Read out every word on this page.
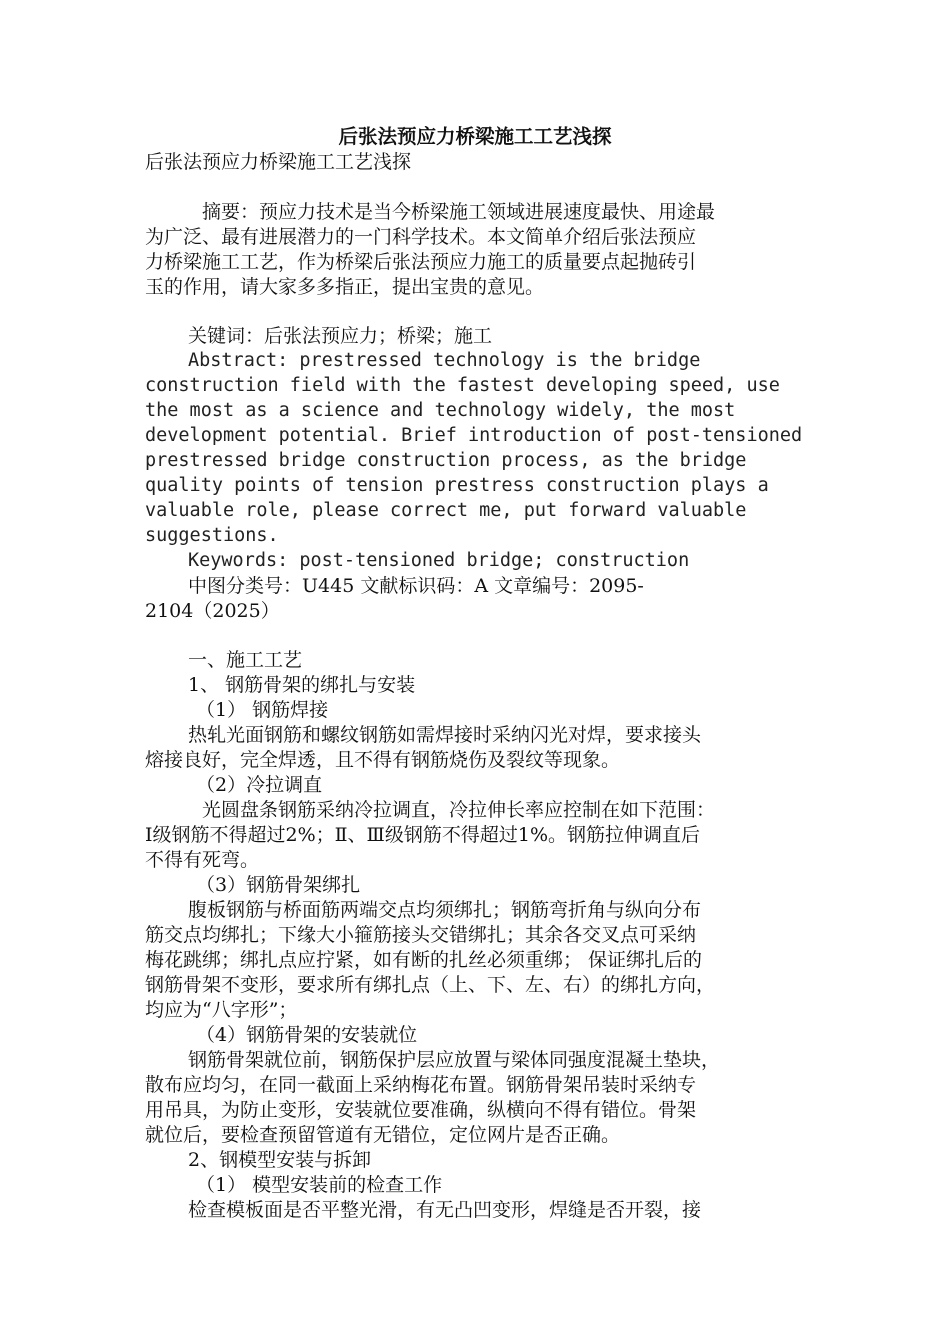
后张法预应力桥梁施工工艺浅探

后张法预应力桥梁施工工艺浅探

摘要：预应力技术是当今桥梁施工领域进展速度最快、用途最

为广泛、最有进展潜力的一门科学技术。本文简单介绍后张法预应

力桥梁施工工艺，作为桥梁后张法预应力施工的质量要点起抛砖引

玉的作用，请大家多多指正，提出宝贵的意见。

关键词：后张法预应力；桥梁；施工

Abstract: prestressed technology is the bridge

construction field with the fastest developing speed, use

the most as a science and technology widely, the most

development potential. Brief introduction of post-tensioned

prestressed bridge construction process, as the bridge

quality points of tension prestress construction plays a

valuable role, please correct me, put forward valuable

suggestions.

Keywords: post-tensioned bridge; construction

中图分类号：U445 文献标识码：A 文章编号：2095-

2104（2025）

一、施工工艺

1、 钢筋骨架的绑扎与安装

（1） 钢筋焊接

热轧光面钢筋和螺纹钢筋如需焊接时采纳闪光对焊，要求接头

熔接良好，完全焊透，且不得有钢筋烧伤及裂纹等现象。

（2）冷拉调直

光圆盘条钢筋采纳冷拉调直，冷拉伸长率应控制在如下范围：

Ⅰ级钢筋不得超过2%；Ⅱ、Ⅲ级钢筋不得超过1%。钢筋拉伸调直后

不得有死弯。

（3）钢筋骨架绑扎

腹板钢筋与桥面筋两端交点均须绑扎；钢筋弯折角与纵向分布

筋交点均绑扎；下缘大小箍筋接头交错绑扎；其余各交叉点可采纳

梅花跳绑；绑扎点应拧紧，如有断的扎丝必须重绑； 保证绑扎后的

钢筋骨架不变形，要求所有绑扎点（上、下、左、右）的绑扎方向，

均应为“八字形”；

（4）钢筋骨架的安装就位

钢筋骨架就位前，钢筋保护层应放置与梁体同强度混凝土垫块，

散布应均匀，在同一截面上采纳梅花布置。钢筋骨架吊装时采纳专

用吊具，为防止变形，安装就位要准确，纵横向不得有错位。骨架

就位后，要检查预留管道有无错位，定位网片是否正确。

2、钢模型安装与拆卸

（1） 模型安装前的检查工作

检查模板面是否平整光滑，有无凸凹变形，焊缝是否开裂，接
